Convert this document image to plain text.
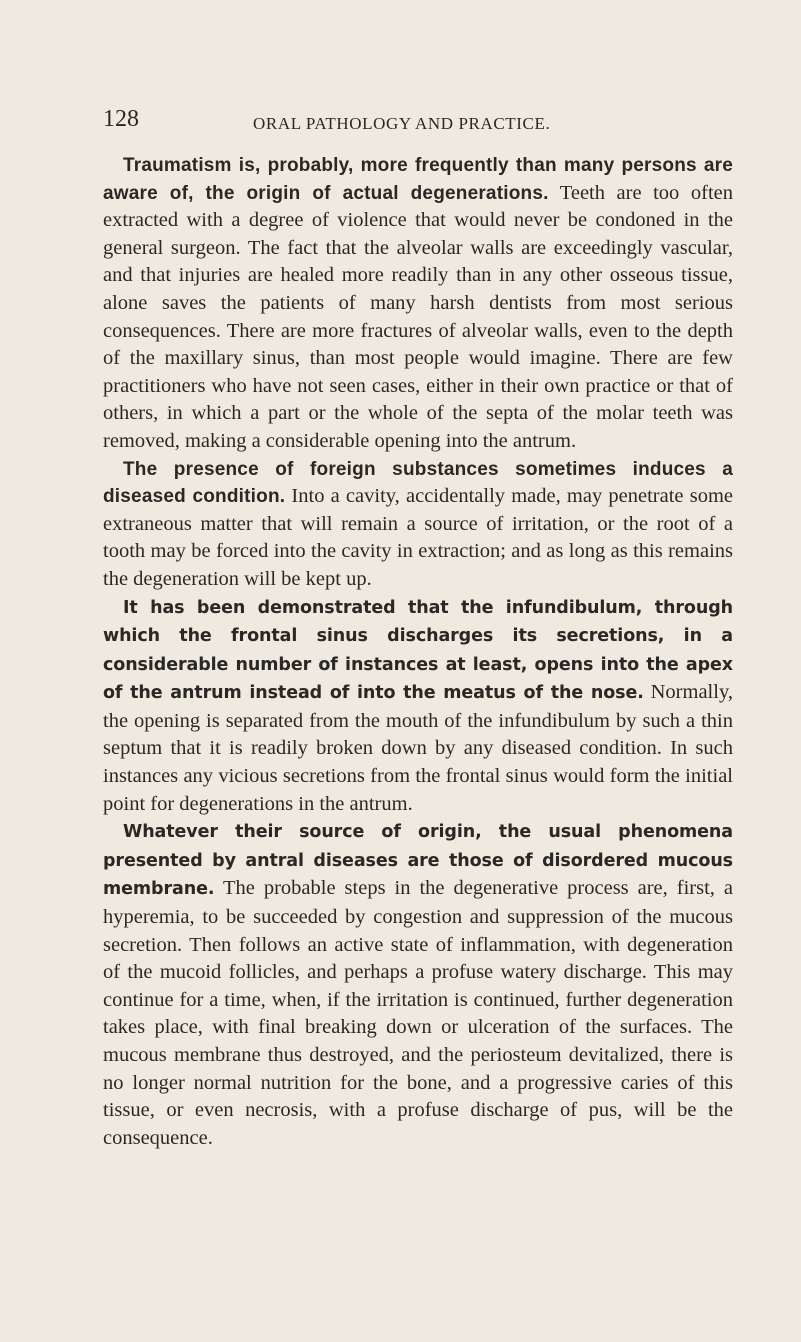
128	ORAL PATHOLOGY AND PRACTICE.

Traumatism is, probably, more frequently than many persons are aware of, the origin of actual degenerations. Teeth are too often extracted with a degree of violence that would never be condoned in the general surgeon. The fact that the alveolar walls are exceedingly vascular, and that injuries are healed more readily than in any other osseous tissue, alone saves the patients of many harsh dentists from most serious consequences. There are more fractures of alveolar walls, even to the depth of the maxillary sinus, than most people would imagine. There are few practitioners who have not seen cases, either in their own practice or that of others, in which a part or the whole of the septa of the molar teeth was removed, making a considerable opening into the antrum.

The presence of foreign substances sometimes induces a diseased condition. Into a cavity, accidentally made, may penetrate some extraneous matter that will remain a source of irritation, or the root of a tooth may be forced into the cavity in extraction; and as long as this remains the degeneration will be kept up.

It has been demonstrated that the infundibulum, through which the frontal sinus discharges its secretions, in a considerable number of instances at least, opens into the apex of the antrum instead of into the meatus of the nose. Normally, the opening is separated from the mouth of the infundibulum by such a thin septum that it is readily broken down by any diseased condition. In such instances any vicious secretions from the frontal sinus would form the initial point for degenerations in the antrum.

Whatever their source of origin, the usual phenomena presented by antral diseases are those of disordered mucous membrane. The probable steps in the degenerative process are, first, a hyperemia, to be succeeded by congestion and suppression of the mucous secretion. Then follows an active state of inflammation, with degeneration of the mucoid follicles, and perhaps a profuse watery discharge. This may continue for a time, when, if the irritation is continued, further degeneration takes place, with final breaking down or ulceration of the surfaces. The mucous membrane thus destroyed, and the periosteum devitalized, there is no longer normal nutrition for the bone, and a progressive caries of this tissue, or even necrosis, with a profuse discharge of pus, will be the consequence.
